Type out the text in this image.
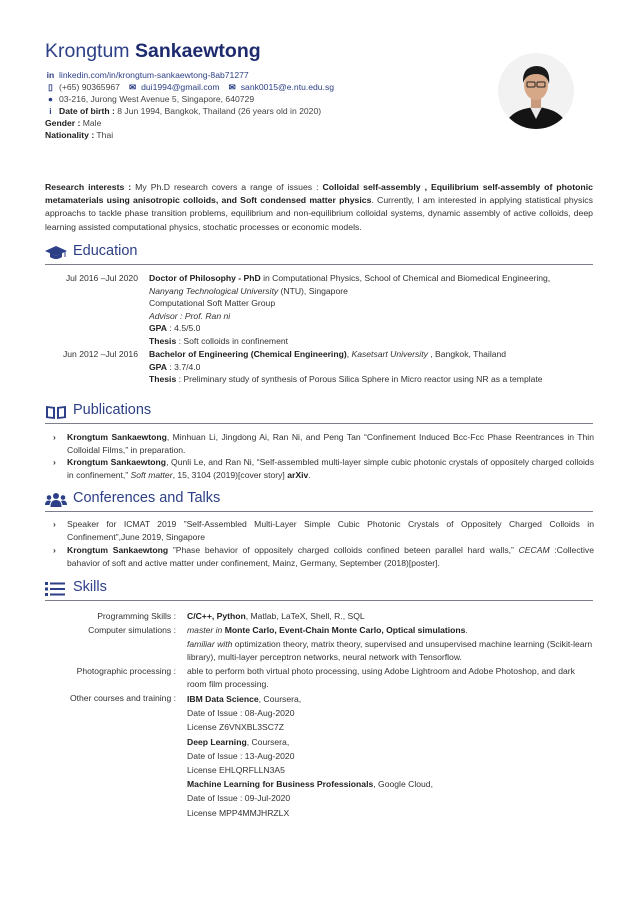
Krongtum Sankaewtong
in linkedin.com/in/krongtum-sankaewtong-8ab71277
▯ (+65) 90365967 ✉ dui1994@gmail.com ✉ sank0015@e.ntu.edu.sg
● 03-216, Jurong West Avenue 5, Singapore, 640729
i Date of birth : 8 Jun 1994, Bangkok, Thailand (26 years old in 2020)
Gender : Male
Nationality : Thai
Research interests : My Ph.D research covers a range of issues : Colloidal self-assembly , Equilibrium self-assembly of photonic metamaterials using anisotropic colloids, and Soft condensed matter physics. Currently, I am interested in applying statistical physics approachs to tackle phase transition problems, equilibrium and non-equilibrium colloidal systems, dynamic assembly of active colloids, deep learning assisted computational physics, stochatic processes or economic models.
Education
Jul 2016 –Jul 2020 Doctor of Philosophy - PhD in Computational Physics, School of Chemical and Biomedical Engineering,
Nanyang Technological University (NTU), Singapore
Computational Soft Matter Group
Advisor : Prof. Ran ni
GPA : 4.5/5.0
Thesis : Soft colloids in confinement
Jun 2012 –Jul 2016 Bachelor of Engineering (Chemical Engineering), Kasetsart University , Bangkok, Thailand
GPA : 3.7/4.0
Thesis : Preliminary study of synthesis of Porous Silica Sphere in Micro reactor using NR as a template
Publications
› Krongtum Sankaewtong, Minhuan Li, Jingdong Ai, Ran Ni, and Peng Tan “Confinement Induced Bcc-Fcc Phase Reentrances in Thin Colloidal Films,” in preparation.
› Krongtum Sankaewtong, Qunli Le, and Ran Ni, “Self-assembled multi-layer simple cubic photonic crystals of oppositely charged colloids in confinement,” Soft matter, 15, 3104 (2019)[cover story] arXiv.
Conferences and Talks
› Speaker for ICMAT 2019 ”Self-Assembled Multi-Layer Simple Cubic Photonic Crystals of Oppositely Charged Colloids in Confinement”,June 2019, Singapore
› Krongtum Sankaewtong ”Phase behavior of oppositely charged colloids confined beteen parallel hard walls,” CECAM :Collective bahavior of soft and active matter under confinement, Mainz, Germany, September (2018)[poster].
Skills
Programming Skills : C/C++, Python, Matlab, LaTeX, Shell, R., SQL
Computer simulations : master in Monte Carlo, Event-Chain Monte Carlo, Optical simulations.
familiar with optimization theory, matrix theory, supervised and unsupervised machine learning (Scikit-learn library), multi-layer perceptron networks, neural network with Tensorflow.
Photographic processing : able to perform both virtual photo processing, using Adobe Lightroom and Adobe Photoshop, and dark room film processing.
Other courses and training : IBM Data Science, Coursera,
Date of Issue : 08-Aug-2020
License Z6VNXBL3SC7Z
Deep Learning, Coursera,
Date of Issue : 13-Aug-2020
License EHLQRFLLN3A5
Machine Learning for Business Professionals, Google Cloud,
Date of Issue : 09-Jul-2020
License MPP4MMJHRZLX
